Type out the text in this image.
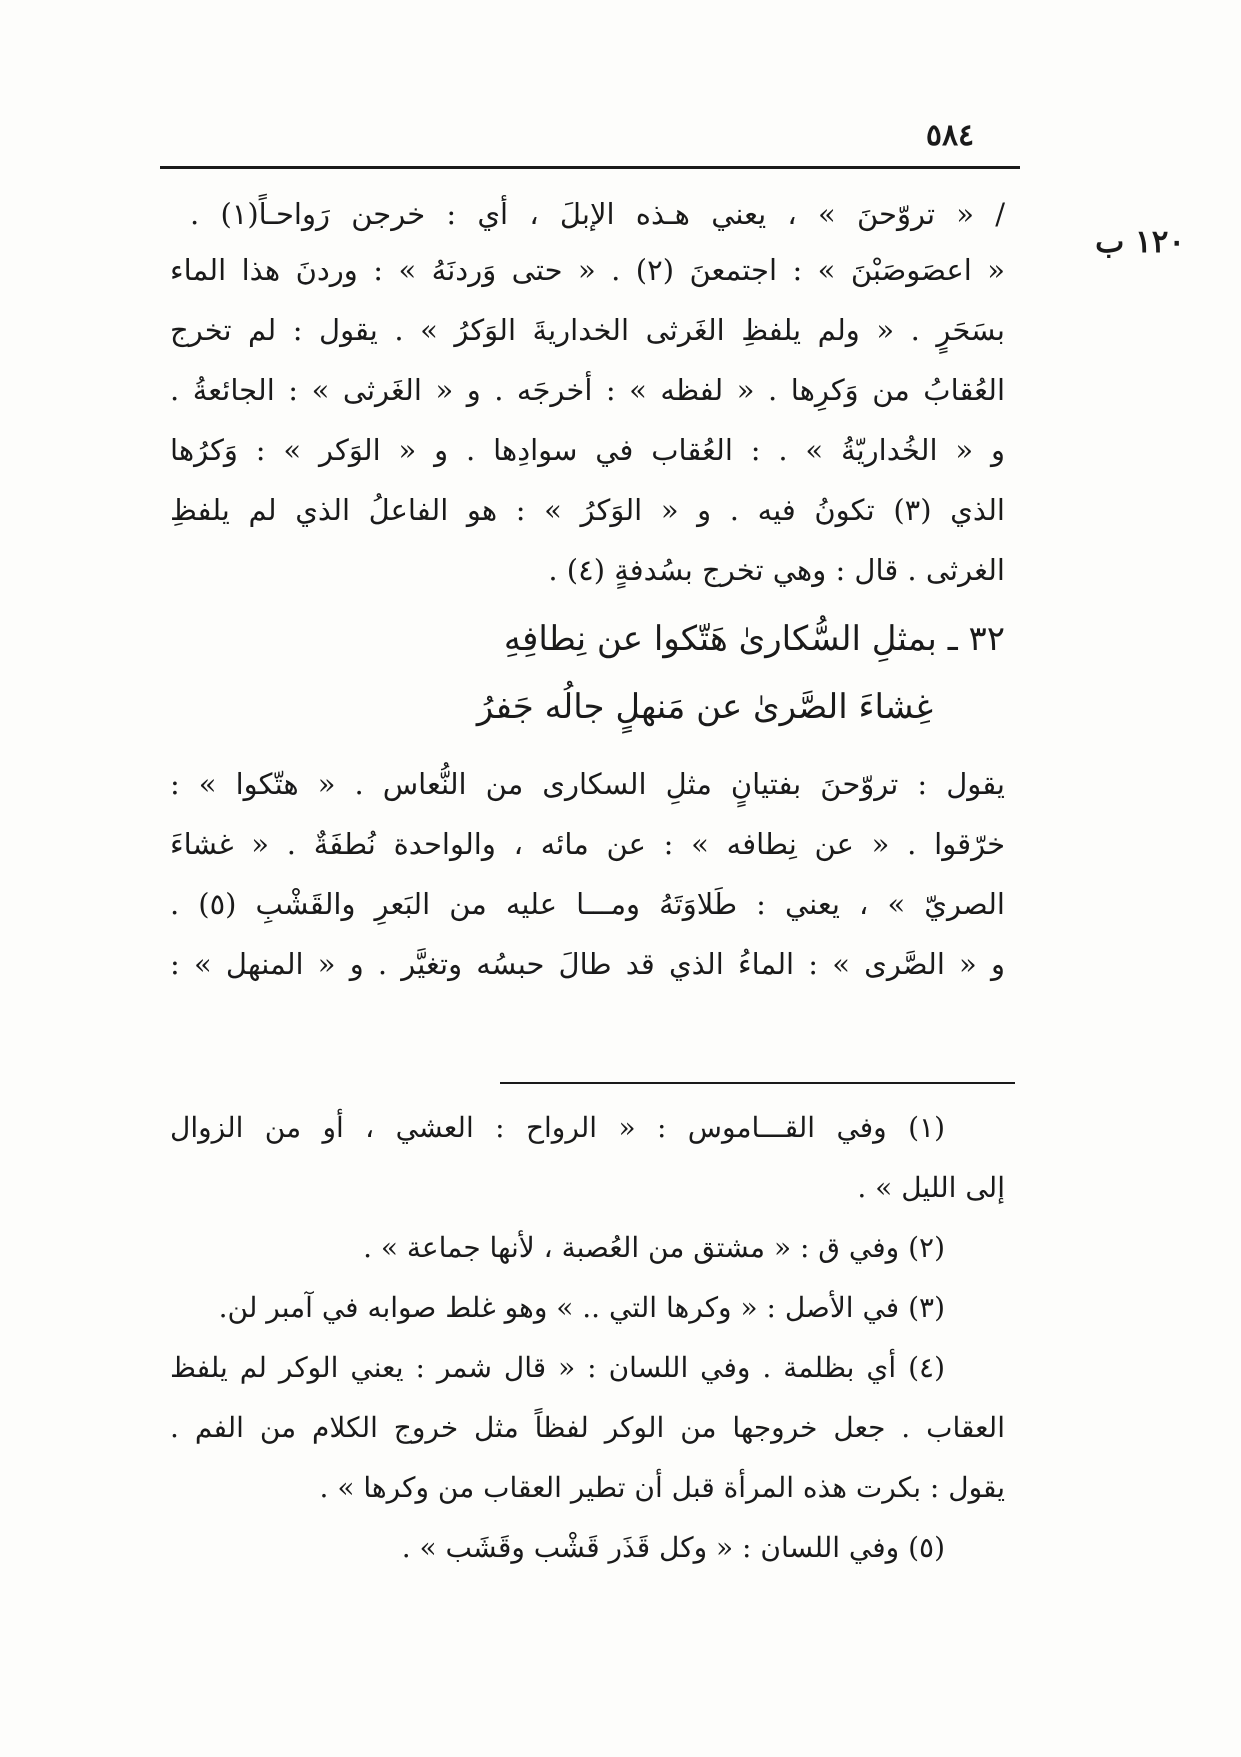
٥٨٤
١٢٠ ب
/ « تروّحنَ » ، يعني هـذه الإبلَ ، أي : خرجن رَواحـاً‏(١) .
« اعصَوصَبْنَ » : اجتمعنَ (٢) . « حتى وَردنَهُ » : وردنَ هذا الماء
بسَحَرٍ . « ولم يلفظِ الغَرثى الخداريةَ الوَكرُ » . يقول : لم تخرج
العُقابُ من وَكرِها . « لفظه » : أخرجَه . و « الغَرثى » : الجائعةُ .
و « الخُداريّةُ » . : العُقاب في سوادِها . و « الوَكر » : وَكرُها
الذي (٣) تكونُ فيه . و « الوَكرُ » : هو الفاعلُ الذي لم يلفظِ
الغرثى . قال : وهي تخرج بسُدفةٍ (٤) .
٣٢ ـ بمثلِ السُّكارىٰ هَتّكوا عن نِطافِهِ
غِشاءَ الصَّرىٰ عن مَنهلٍ جالُه جَفرُ
يقول : تروّحنَ بفتيانٍ مثلِ السكارى من النُّعاس . « هتّكوا » :
خرّقوا . « عن نِطافه » : عن مائه ، والواحدة نُطفَةٌ . « غشاءَ
الصريّ » ، يعني : طَلاوَتَهُ ومـــا عليه من البَعرِ والقَشْبِ (٥) .
و « الصَّرى » : الماءُ الذي قد طالَ حبسُه وتغيَّر . و « المنهل » :
(١) وفي القـــاموس : « الرواح : العشي ، أو من الزوال
إلى الليل » .
(٢) وفي ق : « مشتق من العُصبة ، لأنها جماعة » .
(٣) في الأصل : « وكرها التي .. » وهو غلط صوابه في آمبر لن.
(٤) أي بظلمة . وفي اللسان : « قال شمر : يعني الوكر لم يلفظ
العقاب . جعل خروجها من الوكر لفظاً مثل خروج الكلام من الفم .
يقول : بكرت هذه المرأة قبل أن تطير العقاب من وكرها » .
(٥) وفي اللسان : « وكل قَذَر قَشْب وقَشَب » .
